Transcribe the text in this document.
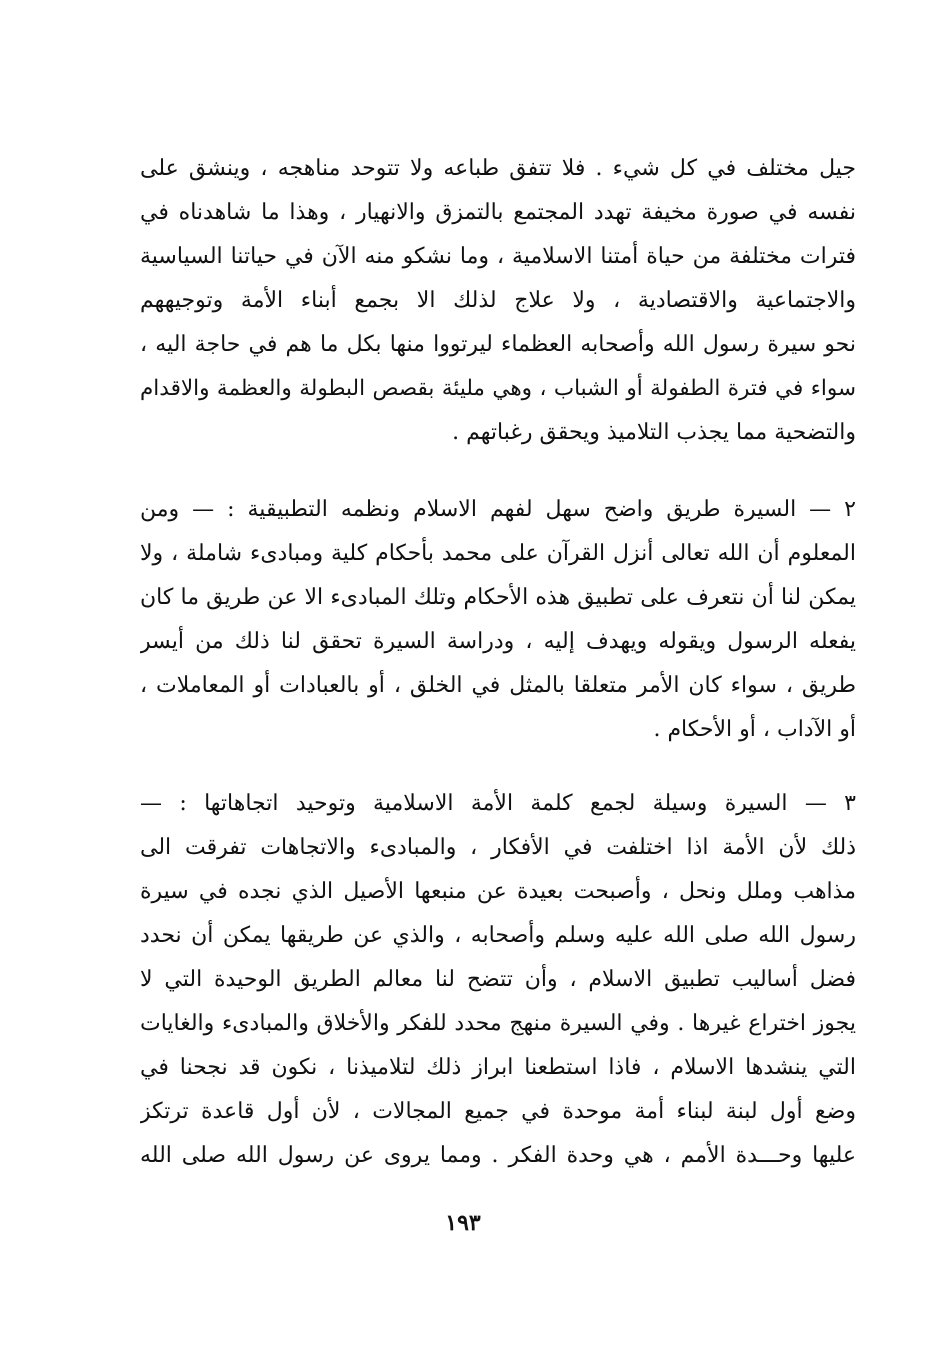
جيل مختلف في كل شيء . فلا تتفق طباعه ولا تتوحد مناهجه ، وينشق على
نفسه في صورة مخيفة تهدد المجتمع بالتمزق والانهيار ، وهذا ما شاهدناه في
فترات مختلفة من حياة أمتنا الاسلامية ، وما نشكو منه الآن في حياتنا السياسية
والاجتماعية والاقتصادية ، ولا علاج لذلك الا بجمع أبناء الأمة وتوجيههم
نحو سيرة رسول الله وأصحابه العظماء ليرتووا منها بكل ما هم في حاجة اليه ،
سواء في فترة الطفولة أو الشباب ، وهي مليئة بقصص البطولة والعظمة والاقدام
والتضحية مما يجذب التلاميذ ويحقق رغباتهم .
٢ — السيرة طريق واضح سهل لفهم الاسلام ونظمه التطبيقية : — ومن
المعلوم أن الله تعالى أنزل القرآن على محمد بأحكام كلية ومبادىء شاملة ، ولا
يمكن لنا أن نتعرف على تطبيق هذه الأحكام وتلك المبادىء الا عن طريق ما كان
يفعله الرسول ويقوله ويهدف إليه ، ودراسة السيرة تحقق لنا ذلك من أيسر
طريق ، سواء كان الأمر متعلقا بالمثل في الخلق ، أو بالعبادات أو المعاملات ،
أو الآداب ، أو الأحكام .
٣ — السيرة وسيلة لجمع كلمة الأمة الاسلامية وتوحيد اتجاهاتها : —
ذلك لأن الأمة اذا اختلفت في الأفكار ، والمبادىء والاتجاهات تفرقت الى
مذاهب وملل ونحل ، وأصبحت بعيدة عن منبعها الأصيل الذي نجده في سيرة
رسول الله صلى الله عليه وسلم وأصحابه ، والذي عن طريقها يمكن أن نحدد
فضل أساليب تطبيق الاسلام ، وأن تتضح لنا معالم الطريق الوحيدة التي لا
يجوز اختراع غيرها . وفي السيرة منهج محدد للفكر والأخلاق والمبادىء والغايات
التي ينشدها الاسلام ، فاذا استطعنا ابراز ذلك لتلاميذنا ، نكون قد نجحنا في
وضع أول لبنة لبناء أمة موحدة في جميع المجالات ، لأن أول قاعدة ترتكز
عليها وحـــدة الأمم ، هي وحدة الفكر . ومما يروى عن رسول الله صلى الله
١٩٣
